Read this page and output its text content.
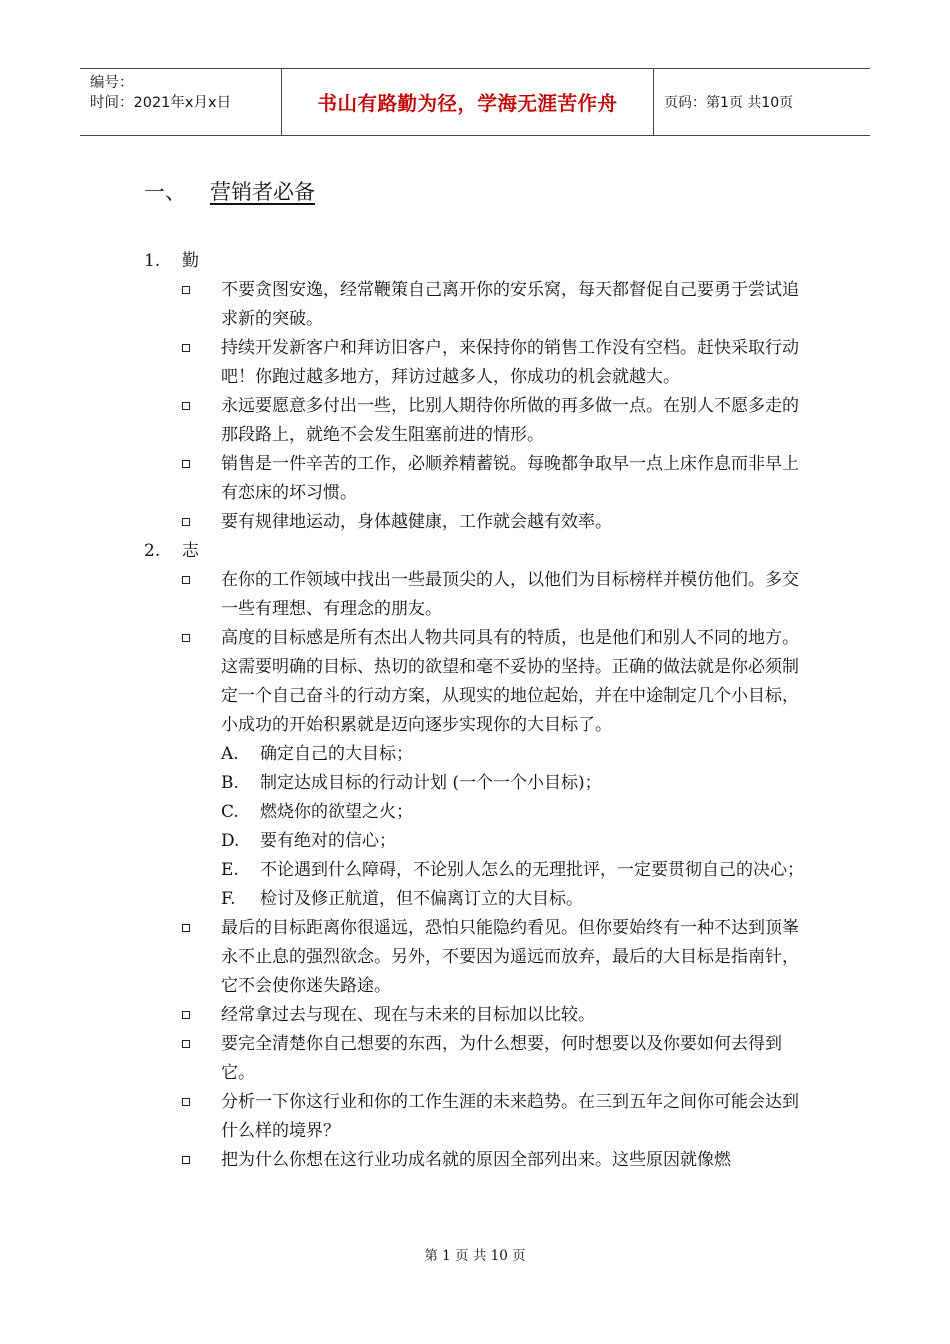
编号：
时间：2021年x月x日	书山有路勤为径，学海无涯苦作舟	页码：第1页 共10页
一、 营销者必备
1. 勤
不要贪图安逸，经常鞭策自己离开你的安乐窝，每天都督促自己要勇于尝试追求新的突破。
持续开发新客户和拜访旧客户，来保持你的销售工作没有空档。赶快采取行动吧！你跑过越多地方，拜访过越多人，你成功的机会就越大。
永远要愿意多付出一些，比别人期待你所做的再多做一点。在别人不愿多走的那段路上，就绝不会发生阻塞前进的情形。
销售是一件辛苦的工作，必顺养精蓄锐。每晚都争取早一点上床作息而非早上有恋床的坏习惯。
要有规律地运动，身体越健康，工作就会越有效率。
2. 志
在你的工作领域中找出一些最顶尖的人，以他们为目标榜样并模仿他们。多交一些有理想、有理念的朋友。
高度的目标感是所有杰出人物共同具有的特质，也是他们和别人不同的地方。这需要明确的目标、热切的欲望和毫不妥协的坚持。正确的做法就是你必须制定一个自己奋斗的行动方案，从现实的地位起始，并在中途制定几个小目标，小成功的开始积累就是迈向逐步实现你的大目标了。
A. 确定自己的大目标；
B. 制定达成目标的行动计划 (一个一个小目标)；
C. 燃烧你的欲望之火；
D. 要有绝对的信心；
E. 不论遇到什么障碍，不论别人怎么的无理批评，一定要贯彻自己的决心；
F. 检讨及修正航道，但不偏离订立的大目标。
最后的目标距离你很遥远，恐怕只能隐约看见。但你要始终有一种不达到顶峯永不止息的强烈欲念。另外，不要因为遥远而放弃，最后的大目标是指南针，它不会使你迷失路途。
经常拿过去与现在、现在与未来的目标加以比较。
要完全清楚你自己想要的东西，为什么想要，何时想要以及你要如何去得到它。
分析一下你这行业和你的工作生涯的未来趋势。在三到五年之间你可能会达到什么样的境界？
把为什么你想在这行业功成名就的原因全部列出来。这些原因就像燃
第 1 页 共 10 页
